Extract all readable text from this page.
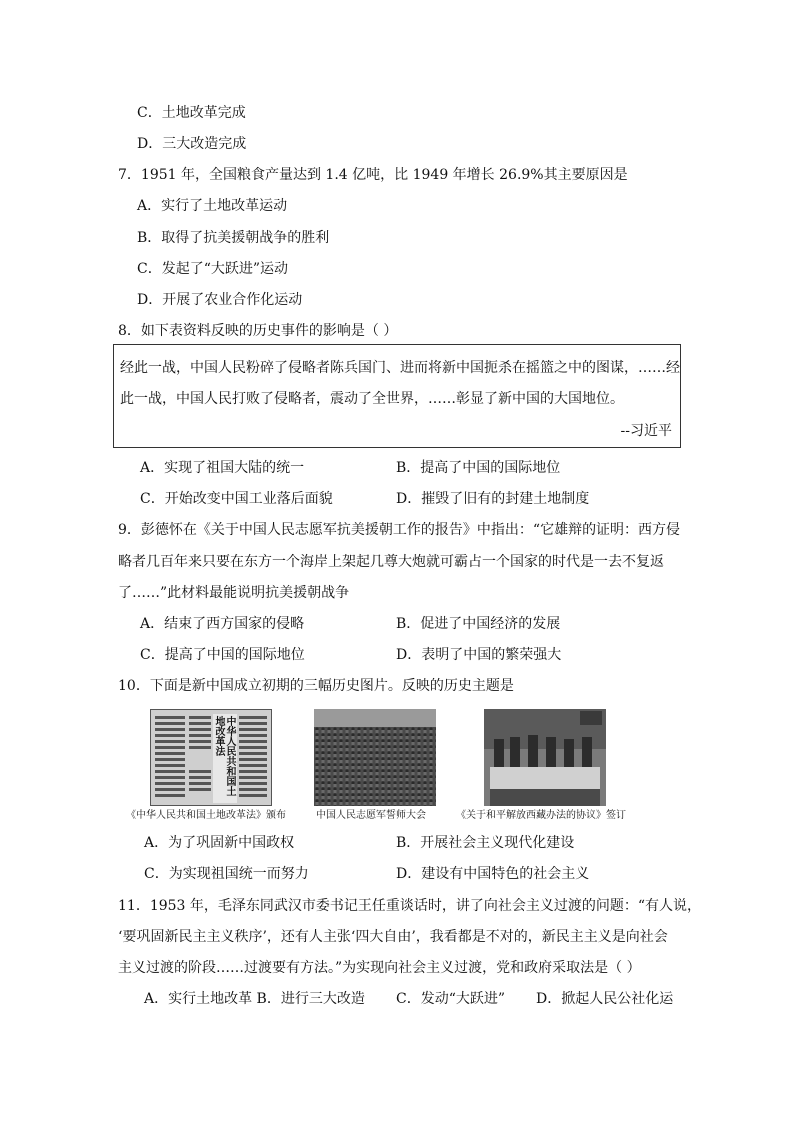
C．土地改革完成
D．三大改造完成
7．1951 年，全国粮食产量达到 1.4 亿吨，比 1949 年增长 26.9%其主要原因是
A．实行了土地改革运动
B．取得了抗美援朝战争的胜利
C．发起了“大跃进”运动
D．开展了农业合作化运动
8．如下表资料反映的历史事件的影响是（ ）
经此一战，中国人民粉碎了侵略者陈兵国门、进而将新中国扼杀在摇篮之中的图谋，……经
此一战，中国人民打败了侵略者，震动了全世界，……彰显了新中国的大国地位。
--习近平
A．实现了祖国大陆的统一	B．提高了中国的国际地位
C．开始改变中国工业落后面貌	D．摧毁了旧有的封建土地制度
9．彭德怀在《关于中国人民志愿军抗美援朝工作的报告》中指出：“它雄辩的证明：西方侵
略者几百年来只要在东方一个海岸上架起几尊大炮就可霸占一个国家的时代是一去不复返
了……”此材料最能说明抗美援朝战争
A．结束了西方国家的侵略	B．促进了中国经济的发展
C．提高了中国的国际地位	D．表明了中国的繁荣强大
10．下面是新中国成立初期的三幅历史图片。反映的历史主题是
中华人民共和国土地改革法
《中华人民共和国土地改革法》颁布	中国人民志愿军誓师大会	《关于和平解放西藏办法的协议》签订
A．为了巩固新中国政权	B．开展社会主义现代化建设
C．为实现祖国统一而努力	D．建设有中国特色的社会主义
11．1953 年，毛泽东同武汉市委书记王任重谈话时，讲了向社会主义过渡的问题：“有人说，
‘要巩固新民主主义秩序’，还有人主张‘四大自由’，我看都是不对的，新民主主义是向社会
主义过渡的阶段……过渡要有方法。”为实现向社会主义过渡，党和政府采取法是（ ）
A．实行土地改革 B．进行三大改造 C．发动“大跃进” D．掀起人民公社化运
